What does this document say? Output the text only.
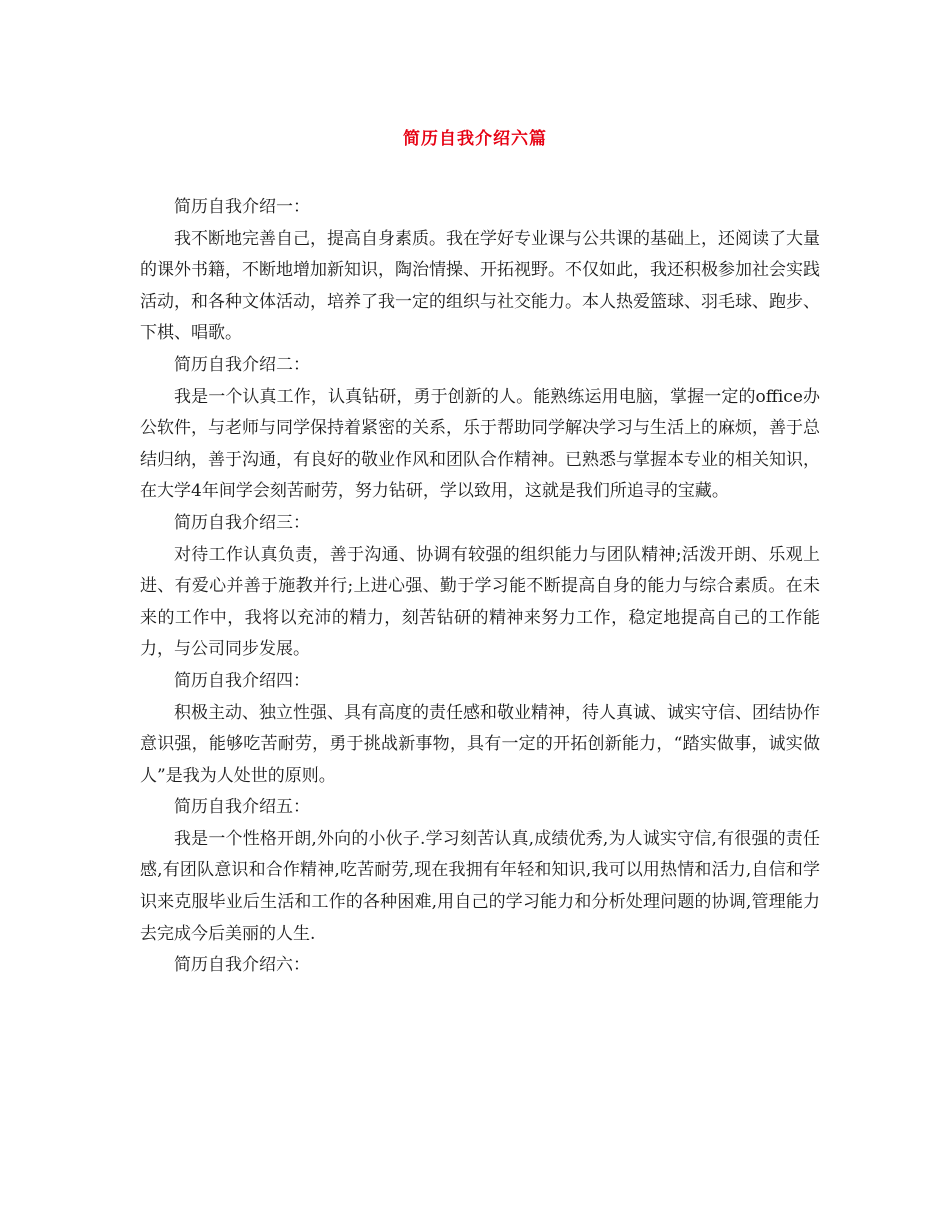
简历自我介绍六篇

简历自我介绍一：

我不断地完善自己，提高自身素质。我在学好专业课与公共课的基础上，还阅读了大量的课外书籍，不断地增加新知识，陶治情操、开拓视野。不仅如此，我还积极参加社会实践活动，和各种文体活动，培养了我一定的组织与社交能力。本人热爱篮球、羽毛球、跑步、下棋、唱歌。

简历自我介绍二：

我是一个认真工作，认真钻研，勇于创新的人。能熟练运用电脑，掌握一定的office办公软件，与老师与同学保持着紧密的关系，乐于帮助同学解决学习与生活上的麻烦，善于总结归纳，善于沟通，有良好的敬业作风和团队合作精神。已熟悉与掌握本专业的相关知识，在大学4年间学会刻苦耐劳，努力钻研，学以致用，这就是我们所追寻的宝藏。

简历自我介绍三：

对待工作认真负责，善于沟通、协调有较强的组织能力与团队精神;活泼开朗、乐观上进、有爱心并善于施教并行;上进心强、勤于学习能不断提高自身的能力与综合素质。在未来的工作中，我将以充沛的精力，刻苦钻研的精神来努力工作，稳定地提高自己的工作能力，与公司同步发展。

简历自我介绍四：

积极主动、独立性强、具有高度的责任感和敬业精神，待人真诚、诚实守信、团结协作意识强，能够吃苦耐劳，勇于挑战新事物，具有一定的开拓创新能力，“踏实做事，诚实做人”是我为人处世的原则。

简历自我介绍五：

我是一个性格开朗,外向的小伙子.学习刻苦认真,成绩优秀,为人诚实守信,有很强的责任感,有团队意识和合作精神,吃苦耐劳,现在我拥有年轻和知识,我可以用热情和活力,自信和学识来克服毕业后生活和工作的各种困难,用自己的学习能力和分析处理问题的协调,管理能力去完成今后美丽的人生.

简历自我介绍六：
